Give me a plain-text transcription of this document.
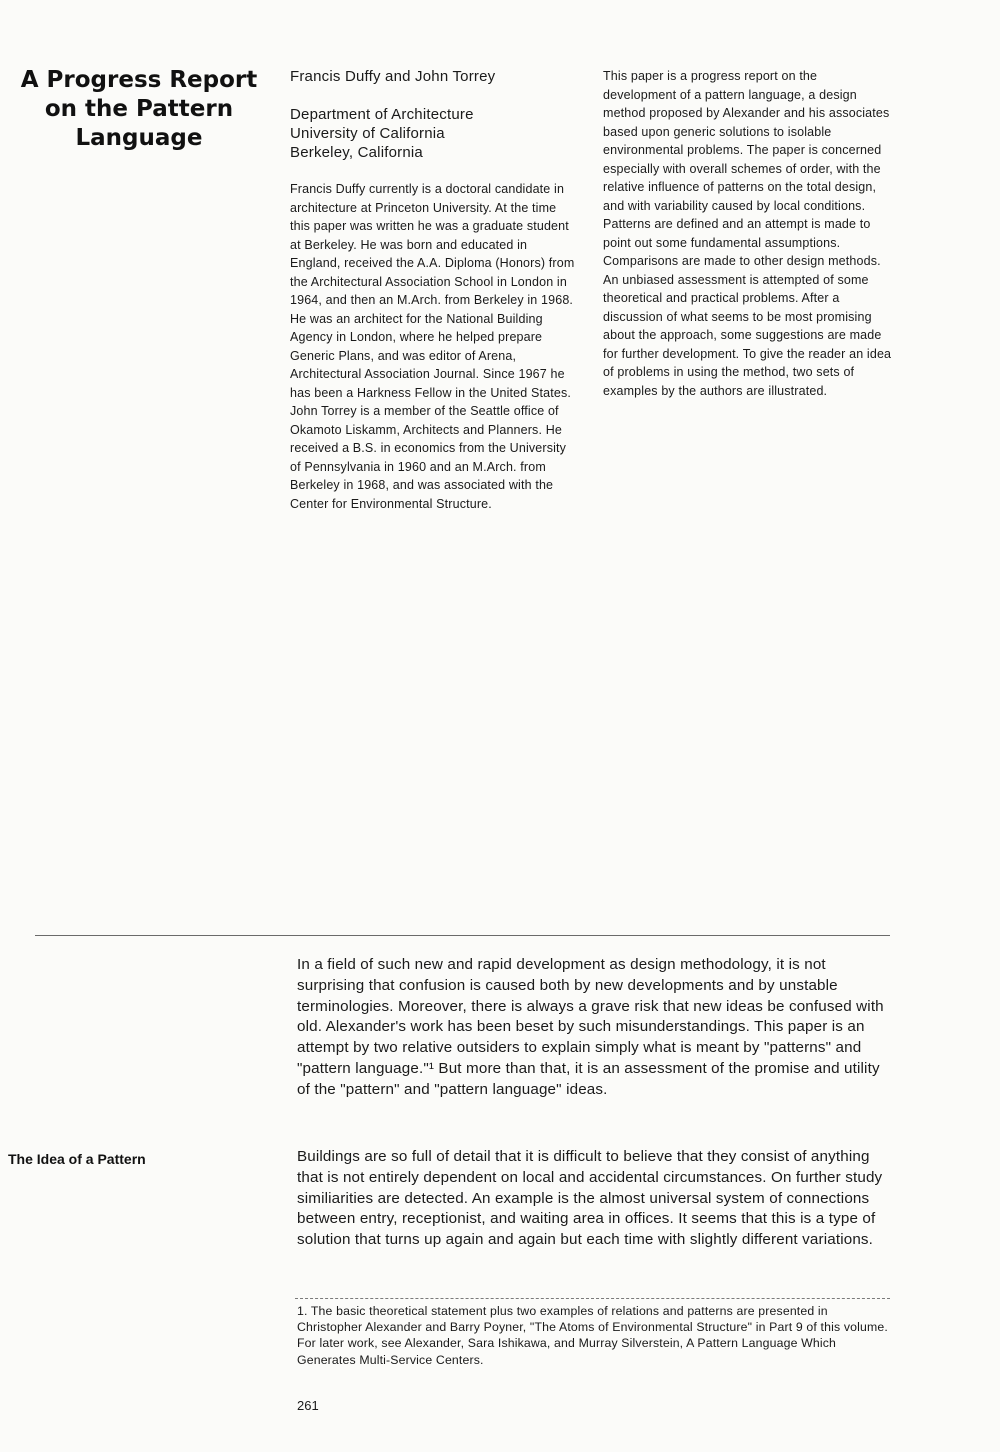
A Progress Report
on the Pattern Language
Francis Duffy and John Torrey
Department of Architecture
University of California
Berkeley, California
Francis Duffy currently is a doctoral candidate in architecture at Princeton University. At the time this paper was written he was a graduate student at Berkeley. He was born and educated in England, received the A.A. Diploma (Honors) from the Architectural Association School in London in 1964, and then an M.Arch. from Berkeley in 1968. He was an architect for the National Building Agency in London, where he helped prepare Generic Plans, and was editor of Arena, Architectural Association Journal. Since 1967 he has been a Harkness Fellow in the United States. John Torrey is a member of the Seattle office of Okamoto Liskamm, Architects and Planners. He received a B.S. in economics from the University of Pennsylvania in 1960 and an M.Arch. from Berkeley in 1968, and was associated with the Center for Environmental Structure.
This paper is a progress report on the development of a pattern language, a design method proposed by Alexander and his associates based upon generic solutions to isolable environmental problems. The paper is concerned especially with overall schemes of order, with the relative influence of patterns on the total design, and with variability caused by local conditions. Patterns are defined and an attempt is made to point out some fundamental assumptions. Comparisons are made to other design methods. An unbiased assessment is attempted of some theoretical and practical problems. After a discussion of what seems to be most promising about the approach, some suggestions are made for further development. To give the reader an idea of problems in using the method, two sets of examples by the authors are illustrated.
In a field of such new and rapid development as design methodology, it is not surprising that confusion is caused both by new developments and by unstable terminologies. Moreover, there is always a grave risk that new ideas be confused with old. Alexander's work has been beset by such misunderstandings. This paper is an attempt by two relative outsiders to explain simply what is meant by "patterns" and "pattern language."¹ But more than that, it is an assessment of the promise and utility of the "pattern" and "pattern language" ideas.
The Idea of a Pattern	Buildings are so full of detail that it is difficult to believe that they consist of anything that is not entirely dependent on local and accidental circumstances. On further study similiarities are detected. An example is the almost universal system of connections between entry, receptionist, and waiting area in offices. It seems that this is a type of solution that turns up again and again but each time with slightly different variations.
1. The basic theoretical statement plus two examples of relations and patterns are presented in Christopher Alexander and Barry Poyner, "The Atoms of Environmental Structure" in Part 9 of this volume. For later work, see Alexander, Sara Ishikawa, and Murray Silverstein, A Pattern Language Which Generates Multi-Service Centers.
261
